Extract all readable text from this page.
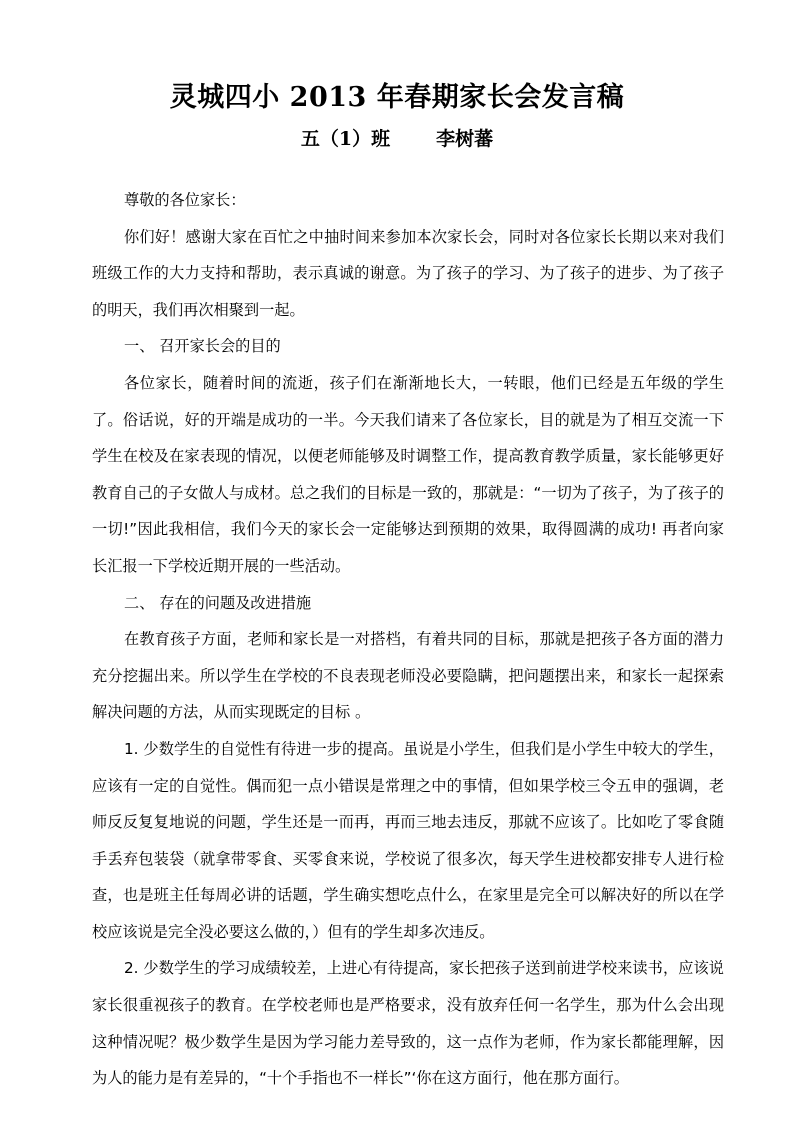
灵城四小 2013 年春期家长会发言稿
五（1）班 李树蕃

尊敬的各位家长：

你们好！感谢大家在百忙之中抽时间来参加本次家长会，同时对各位家长长期以来对我们班级工作的大力支持和帮助，表示真诚的谢意。为了孩子的学习、为了孩子的进步、为了孩子的明天，我们再次相聚到一起。

一、 召开家长会的目的

各位家长，随着时间的流逝，孩子们在渐渐地长大，一转眼，他们已经是五年级的学生了。俗话说，好的开端是成功的一半。今天我们请来了各位家长，目的就是为了相互交流一下学生在校及在家表现的情况，以便老师能够及时调整工作，提高教育教学质量，家长能够更好教育自己的子女做人与成材。总之我们的目标是一致的，那就是：“一切为了孩子，为了孩子的一切!”因此我相信，我们今天的家长会一定能够达到预期的效果，取得圆满的成功! 再者向家长汇报一下学校近期开展的一些活动。

二、 存在的问题及改进措施

在教育孩子方面，老师和家长是一对搭档，有着共同的目标，那就是把孩子各方面的潜力充分挖掘出来。所以学生在学校的不良表现老师没必要隐瞒，把问题摆出来，和家长一起探索解决问题的方法，从而实现既定的目标 。

1. 少数学生的自觉性有待进一步的提高。虽说是小学生，但我们是小学生中较大的学生，应该有一定的自觉性。偶而犯一点小错误是常理之中的事情，但如果学校三令五申的强调，老师反反复复地说的问题，学生还是一而再，再而三地去违反，那就不应该了。比如吃了零食随手丢弃包装袋（就拿带零食、买零食来说，学校说了很多次，每天学生进校都安排专人进行检查，也是班主任每周必讲的话题，学生确实想吃点什么，在家里是完全可以解决好的所以在学校应该说是完全没必要这么做的，）但有的学生却多次违反。

2. 少数学生的学习成绩较差，上进心有待提高，家长把孩子送到前进学校来读书，应该说家长很重视孩子的教育。在学校老师也是严格要求，没有放弃任何一名学生，那为什么会出现这种情况呢？极少数学生是因为学习能力差导致的，这一点作为老师，作为家长都能理解，因为人的能力是有差异的，“十个手指也不一样长”‘你在这方面行，他在那方面行。
